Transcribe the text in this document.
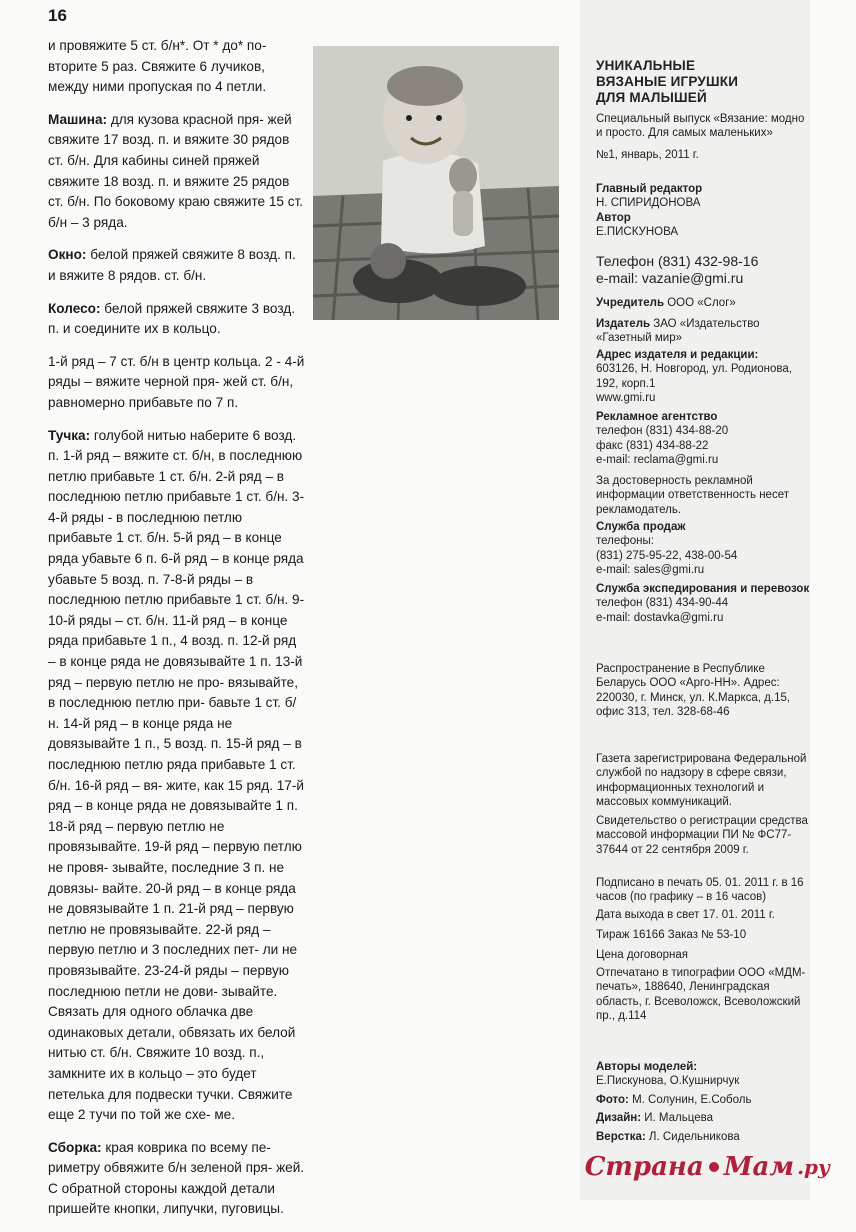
16

и провяжите 5 ст. б/н*. От * до* по- вторите 5 раз. Свяжите 6 лучиков, между ними пропуская по 4 петли.

Машина: для кузова красной пря- жей свяжите 17 возд. п. и вяжите 30 рядов ст. б/н. Для кабины синей пряжей свяжите 18 возд. п. и вяжите 25 рядов ст. б/н. По боковому краю свяжите 15 ст. б/н – 3 ряда.

Окно: белой пряжей свяжите 8 возд. п. и вяжите 8 рядов. ст. б/н.

Колесо: белой пряжей свяжите 3 возд. п. и соедините их в кольцо.

1-й ряд – 7 ст. б/н в центр кольца. 2 - 4-й ряды – вяжите черной пря- жей ст. б/н, равномерно прибавьте по 7 п.

Тучка: голубой нитью наберите 6 возд. п. 1-й ряд – вяжите ст. б/н, в последнюю петлю прибавьте 1 ст. б/н. 2-й ряд – в последнюю петлю прибавьте 1 ст. б/н. 3-4-й ряды - в последнюю петлю прибавьте 1 ст. б/н. 5-й ряд – в конце ряда убавьте 6 п. 6-й ряд – в конце ряда убавьте 5 возд. п. 7-8-й ряды – в последнюю петлю прибавьте 1 ст. б/н. 9-10-й ряды – ст. б/н. 11-й ряд – в конце ряда прибавьте 1 п., 4 возд. п. 12-й ряд – в конце ряда не довязывайте 1 п. 13-й ряд – первую петлю не про- вязывайте, в последнюю петлю при- бавьте 1 ст. б/н. 14-й ряд – в конце ряда не довязывайте 1 п., 5 возд. п. 15-й ряд – в последнюю петлю ряда прибавьте 1 ст. б/н. 16-й ряд – вя- жите, как 15 ряд. 17-й ряд – в конце ряда не довязывайте 1 п. 18-й ряд – первую петлю не провязывайте. 19-й ряд – первую петлю не провя- зывайте, последние 3 п. не довязы- вайте. 20-й ряд – в конце ряда не довязывайте 1 п. 21-й ряд – первую петлю не провязывайте. 22-й ряд – первую петлю и 3 последних пет- ли не провязывайте. 23-24-й ряды – первую последнюю петли не дови- зывайте. Связать для одного облачка две одинаковых детали, обвязать их белой нитью ст. б/н. Свяжите 10 возд. п., замкните их в кольцо – это будет петелька для подвески тучки. Свяжите еще 2 тучи по той же схе- ме.

Сборка: края коврика по всему пе- риметру обвяжите б/н зеленой пря- жей. С обратной стороны каждой детали пришейте кнопки, липучки, пуговицы.

УНИКАЛЬНЫЕ ВЯЗАНЫЕ ИГРУШКИ ДЛЯ МАЛЫШЕЙ

Специальный выпуск «Вязание: модно и просто. Для самых маленьких»

№1, январь, 2011 г.

Главный редактор

Н. СПИРИДОНОВА

Автор

Е.ПИСКУНОВА

Телефон (831) 432-98-16

e-mail: vazanie@gmi.ru

Учредитель ООО «Слог»

Издатель ЗАО «Издательство «Газетный мир»

Адрес издателя и редакции:

603126, Н. Новгород, ул. Родионова, 192, корп.1

www.gmi.ru

Рекламное агентство

телефон (831) 434-88-20

факс (831) 434-88-22

e-mail: reclama@gmi.ru

За достоверность рекламной информации ответственность несет рекламодатель.

Служба продаж

телефоны:

(831) 275-95-22, 438-00-54

e-mail: sales@gmi.ru

Служба экспедирования и перевозок

телефон (831) 434-90-44

e-mail: dostavka@gmi.ru

Распространение в Республике Беларусь ООО «Арго-НН». Адрес: 220030, г. Минск, ул. К.Маркса, д.15, офис 313, тел. 328-68-46
Газета зарегистрирована Федеральной службой по надзору в сфере связи, информационных технологий и массовых коммуникаций.
Свидетельство о регистрации средства массовой информации ПИ № ФС77-37644 от 22 сентября 2009 г.
Подписано в печать 05. 01. 2011 г. в 16 часов (по графику – в 16 часов)
Дата выхода в свет 17. 01. 2011 г.
Тираж 16166 Заказ № 53-10
Цена договорная
Отпечатано в типографии ООО «МДМ-печать», 188640, Ленинградская область, г. Всеволожск, Всеволожский пр., д.114

Авторы моделей:

Е.Пискунова, О.Кушнирчук

Фото: М. Солунин, Е.Соболь

Дизайн: И. Мальцева

Верстка: Л. Сидельникова

Страна Мам .ру
